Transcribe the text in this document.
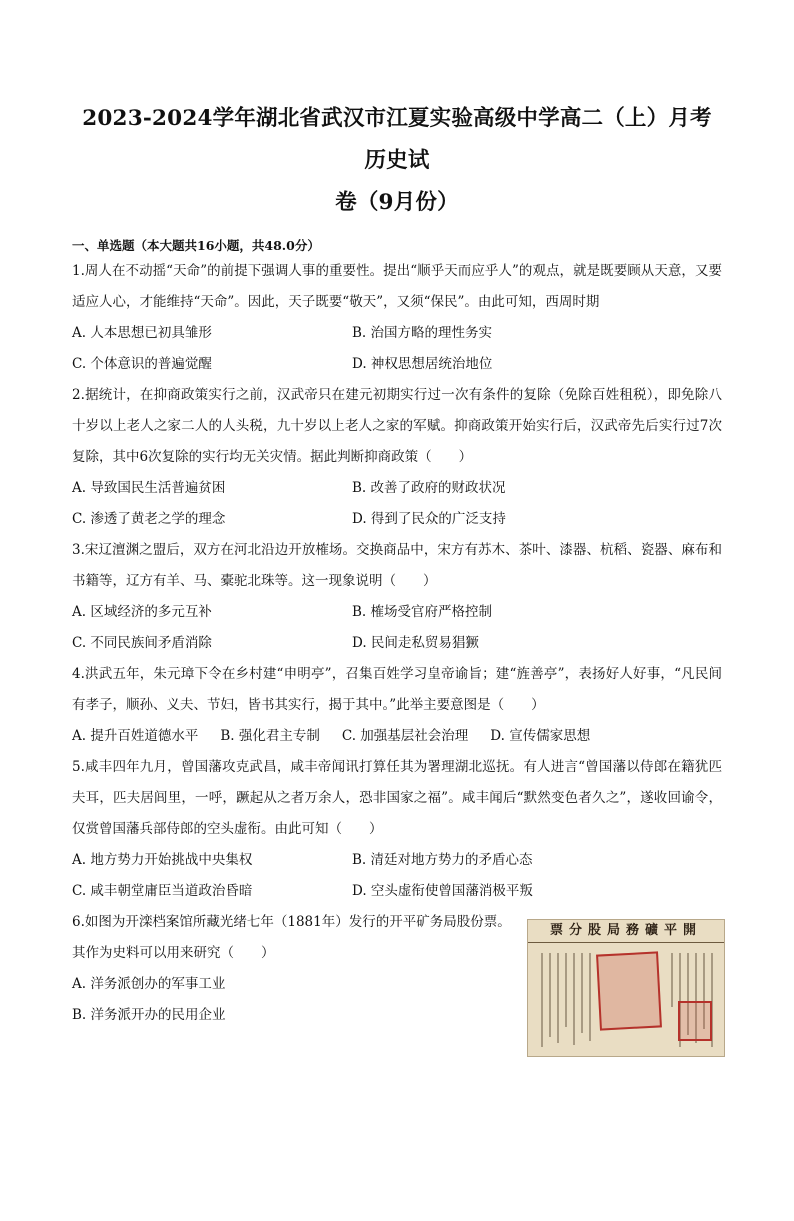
2023-2024学年湖北省武汉市江夏实验高级中学高二（上）月考历史试
卷（9月份）
一、单选题（本大题共16小题，共48.0分）

1.周人在不动摇“天命”的前提下强调人事的重要性。提出“顺乎天而应乎人”的观点，就是既要顾从天意，又要适应人心，才能维持“天命”。因此，天子既要“敬天”，又须“保民”。由此可知，西周时期

A. 人本思想已初具雏形	B. 治国方略的理性务实
C. 个体意识的普遍觉醒	D. 神权思想居统治地位

2.据统计，在抑商政策实行之前，汉武帝只在建元初期实行过一次有条件的复除（免除百姓租税），即免除八十岁以上老人之家二人的人头税，九十岁以上老人之家的军赋。抑商政策开始实行后，汉武帝先后实行过7次复除，其中6次复除的实行均无关灾情。据此判断抑商政策（　　）

A. 导致国民生活普遍贫困	B. 改善了政府的财政状况
C. 渗透了黄老之学的理念	D. 得到了民众的广泛支持

3.宋辽澶渊之盟后，双方在河北沿边开放榷场。交换商品中，宋方有苏木、茶叶、漆器、杭稻、瓷器、麻布和书籍等，辽方有羊、马、橐驼北珠等。这一现象说明（　　）

A. 区域经济的多元互补	B. 榷场受官府严格控制
C. 不同民族间矛盾消除	D. 民间走私贸易猖獗

4.洪武五年，朱元璋下令在乡村建“申明亭”，召集百姓学习皇帝谕旨；建“旌善亭”，表扬好人好事，“凡民间有孝子，顺孙、义夫、节妇，皆书其实行，揭于其中。”此举主要意图是（　　）

A. 提升百姓道德水平 B. 强化君主专制 C. 加强基层社会治理 D. 宣传儒家思想

5.咸丰四年九月，曾国藩攻克武昌，咸丰帝闻讯打算任其为署理湖北巡抚。有人进言“曾国藩以侍郎在籍犹匹夫耳，匹夫居闾里，一呼，蹶起从之者万余人，恐非国家之福”。咸丰闻后“默然变色者久之”，遂收回谕令，仅赏曾国藩兵部侍郎的空头虚衔。由此可知（　　）

A. 地方势力开始挑战中央集权	B. 清廷对地方势力的矛盾心态
C. 咸丰朝堂庸臣当道政治昏暗	D. 空头虚衔使曾国藩消极平叛

6.如图为开滦档案馆所藏光绪七年（1881年）发行的开平矿务局股份票。

其作为史料可以用来研究（　　）

A. 洋务派创办的军事工业
B. 洋务派开办的民用企业
票分股局務礦平開
